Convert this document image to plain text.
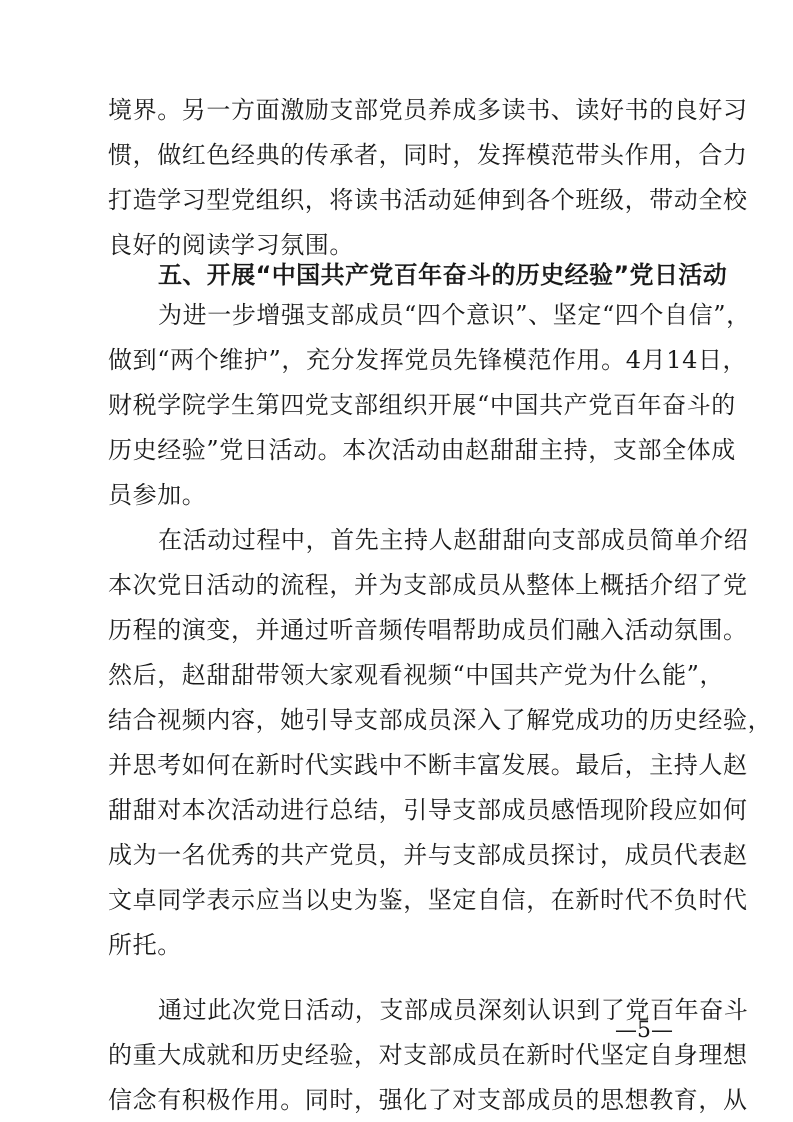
境界。另一方面激励支部党员养成多读书、读好书的良好习
惯，做红色经典的传承者，同时，发挥模范带头作用，合力
打造学习型党组织，将读书活动延伸到各个班级，带动全校
良好的阅读学习氛围。
五、开展“中国共产党百年奋斗的历史经验”党日活动
为进一步增强支部成员“四个意识”、坚定“四个自信”，
做到“两个维护”，充分发挥党员先锋模范作用。4月14日，
财税学院学生第四党支部组织开展“中国共产党百年奋斗的
历史经验”党日活动。本次活动由赵甜甜主持，支部全体成
员参加。
在活动过程中，首先主持人赵甜甜向支部成员简单介绍
本次党日活动的流程，并为支部成员从整体上概括介绍了党
历程的演变，并通过听音频传唱帮助成员们融入活动氛围。
然后，赵甜甜带领大家观看视频“中国共产党为什么能”，
结合视频内容，她引导支部成员深入了解党成功的历史经验，
并思考如何在新时代实践中不断丰富发展。最后，主持人赵
甜甜对本次活动进行总结，引导支部成员感悟现阶段应如何
成为一名优秀的共产党员，并与支部成员探讨，成员代表赵
文卓同学表示应当以史为鉴，坚定自信，在新时代不负时代
所托。
通过此次党日活动，支部成员深刻认识到了党百年奋斗
的重大成就和历史经验，对支部成员在新时代坚定自身理想
信念有积极作用。同时，强化了对支部成员的思想教育，从
—5—
